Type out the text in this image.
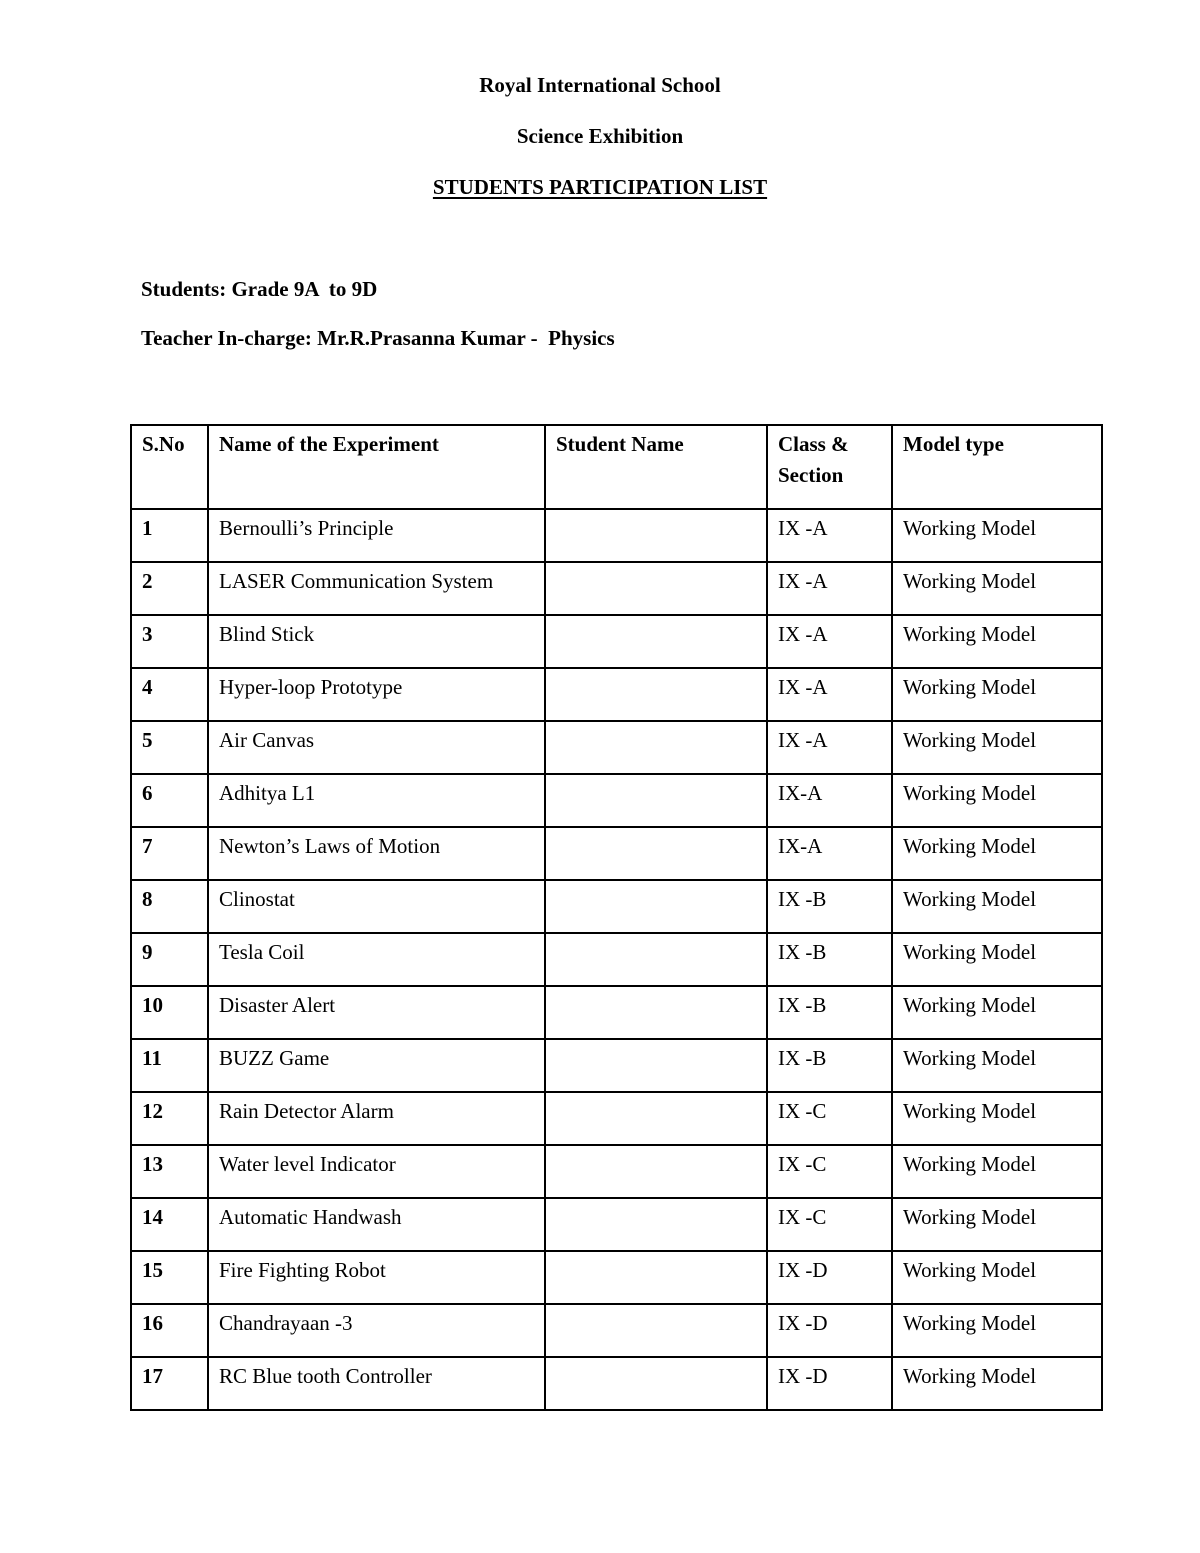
Royal International School
Science Exhibition
STUDENTS PARTICIPATION LIST
Students: Grade 9A  to 9D
Teacher In-charge: Mr.R.Prasanna Kumar -  Physics
S.No	Name of the Experiment	Student Name	Class & Section	Model type
1	Bernoulli’s Principle		IX -A	Working Model
2	LASER Communication System		IX -A	Working Model
3	Blind Stick		IX -A	Working Model
4	Hyper-loop Prototype		IX -A	Working Model
5	Air Canvas		IX -A	Working Model
6	Adhitya L1		IX-A	Working Model
7	Newton’s Laws of Motion		IX-A	Working Model
8	Clinostat		IX -B	Working Model
9	Tesla Coil		IX -B	Working Model
10	Disaster Alert		IX -B	Working Model
11	BUZZ Game		IX -B	Working Model
12	Rain Detector Alarm		IX -C	Working Model
13	Water level Indicator		IX -C	Working Model
14	Automatic Handwash		IX -C	Working Model
15	Fire Fighting Robot		IX -D	Working Model
16	Chandrayaan -3		IX -D	Working Model
17	RC Blue tooth Controller		IX -D	Working Model
